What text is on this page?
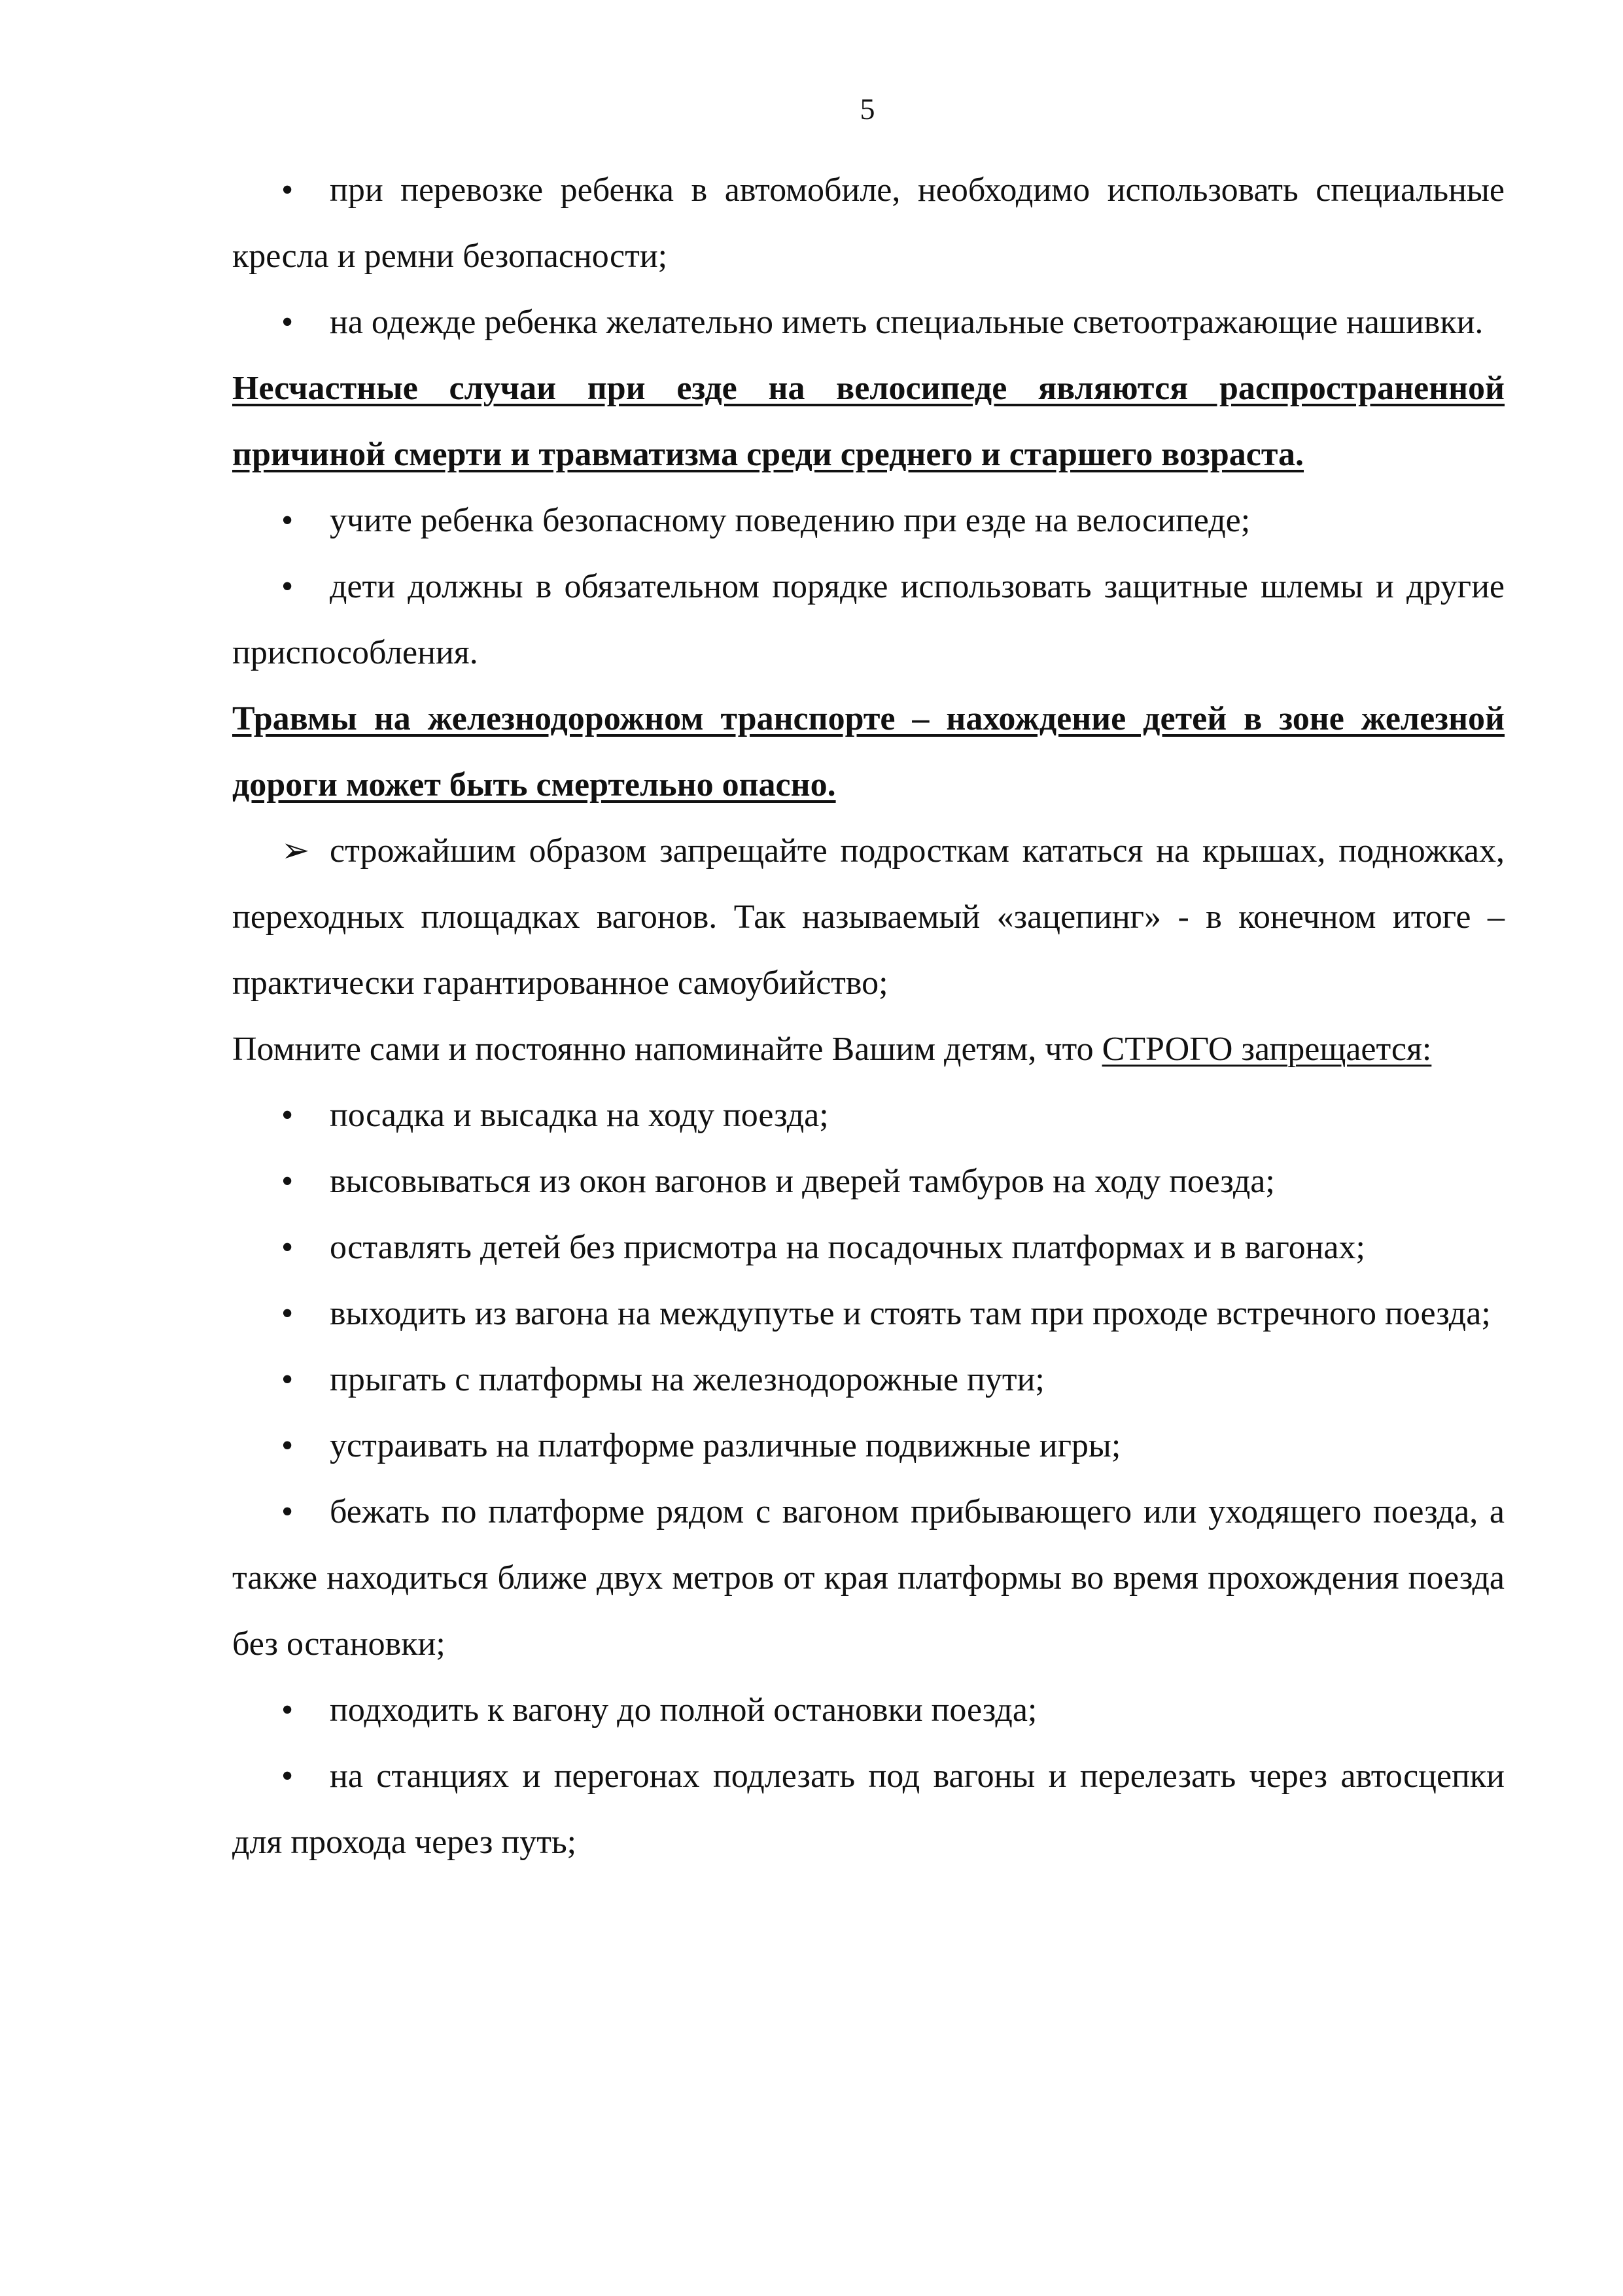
5

• при перевозке ребенка в автомобиле, необходимо использовать специальные кресла и ремни безопасности;

• на одежде ребенка желательно иметь специальные светоотражающие нашивки.

Несчастные случаи при езде на велосипеде являются распространенной причиной смерти и травматизма среди среднего и старшего возраста.

• учите ребенка безопасному поведению при езде на велосипеде;

• дети должны в обязательном порядке использовать защитные шлемы и другие приспособления.

Травмы на железнодорожном транспорте – нахождение детей в зоне железной дороги может быть смертельно опасно.

➢ строжайшим образом запрещайте подросткам кататься на крышах, подножках, переходных площадках вагонов. Так называемый «зацепинг» - в конечном итоге – практически гарантированное самоубийство;

Помните сами и постоянно напоминайте Вашим детям, что СТРОГО запрещается:

• посадка и высадка на ходу поезда;

• высовываться из окон вагонов и дверей тамбуров на ходу поезда;

• оставлять детей без присмотра на посадочных платформах и в вагонах;

• выходить из вагона на междупутье и стоять там при проходе встречного поезда;

• прыгать с платформы на железнодорожные пути;

• устраивать на платформе различные подвижные игры;

• бежать по платформе рядом с вагоном прибывающего или уходящего поезда, а также находиться ближе двух метров от края платформы во время прохождения поезда без остановки;

• подходить к вагону до полной остановки поезда;

• на станциях и перегонах подлезать под вагоны и перелезать через автосцепки для прохода через путь;
